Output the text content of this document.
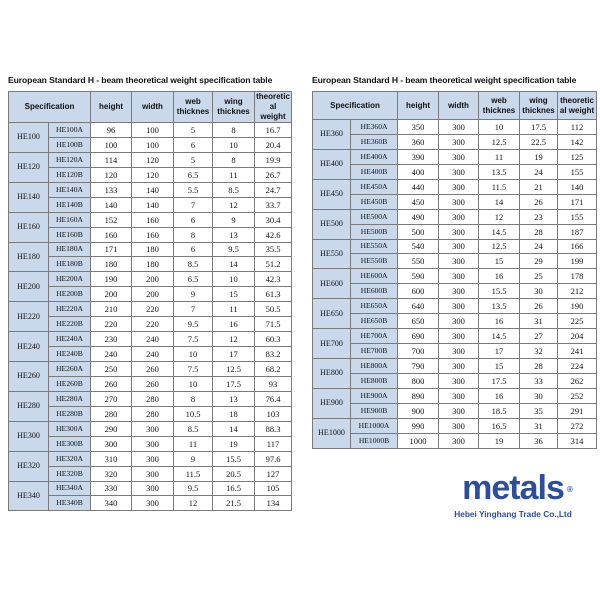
European Standard H - beam theoretical weight specification table
Specification		height	width	web thicknes	wing thicknes	theoretic al weight
HE100	HE100A	96	100	5	8	16.7
	HE100B	100	100	6	10	20.4
HE120	HE120A	114	120	5	8	19.9
	HE120B	120	120	6.5	11	26.7
HE140	HE140A	133	140	5.5	8.5	24.7
	HE140B	140	140	7	12	33.7
HE160	HE160A	152	160	6	9	30.4
	HE160B	160	160	8	13	42.6
HE180	HE180A	171	180	6	9.5	35.5
	HE180B	180	180	8.5	14	51.2
HE200	HE200A	190	200	6.5	10	42.3
	HE200B	200	200	9	15	61.3
HE220	HE220A	210	220	7	11	50.5
	HE220B	220	220	9.5	16	71.5
HE240	HE240A	230	240	7.5	12	60.3
	HE240B	240	240	10	17	83.2
HE260	HE260A	250	260	7.5	12.5	68.2
	HE260B	260	260	10	17.5	93
HE280	HE280A	270	280	8	13	76.4
	HE280B	280	280	10.5	18	103
HE300	HE300A	290	300	8.5	14	88.3
	HE300B	300	300	11	19	117
HE320	HE320A	310	300	9	15.5	97.6
	HE320B	320	300	11.5	20.5	127
HE340	HE340A	330	300	9.5	16.5	105
	HE340B	340	300	12	21.5	134
European Standard H - beam theoretical weight specification table
Specification		height	width	web thicknes	wing thicknes	theoretic al weight
HE360	HE360A	350	300	10	17.5	112
	HE360B	360	300	12.5	22.5	142
HE400	HE400A	390	300	11	19	125
	HE400B	400	300	13.5	24	155
HE450	HE450A	440	300	11.5	21	140
	HE450B	450	300	14	26	171
HE500	HE500A	490	300	12	23	155
	HE500B	500	300	14.5	28	187
HE550	HE550A	540	300	12.5	24	166
	HE550B	550	300	15	29	199
HE600	HE600A	590	300	16	25	178
	HE600B	600	300	15.5	30	212
HE650	HE650A	640	300	13.5	26	190
	HE650B	650	300	16	31	225
HE700	HE700A	690	300	14.5	27	204
	HE700B	700	300	17	32	241
HE800	HE800A	790	300	15	28	224
	HE800B	800	300	17.5	33	262
HE900	HE900A	890	300	16	30	252
	HE900B	900	300	18.5	35	291
HE1000	HE1000A	990	300	16.5	31	272
	HE1000B	1000	300	19	36	314
metals ®
Hebei Yinghang Trade Co.,Ltd
